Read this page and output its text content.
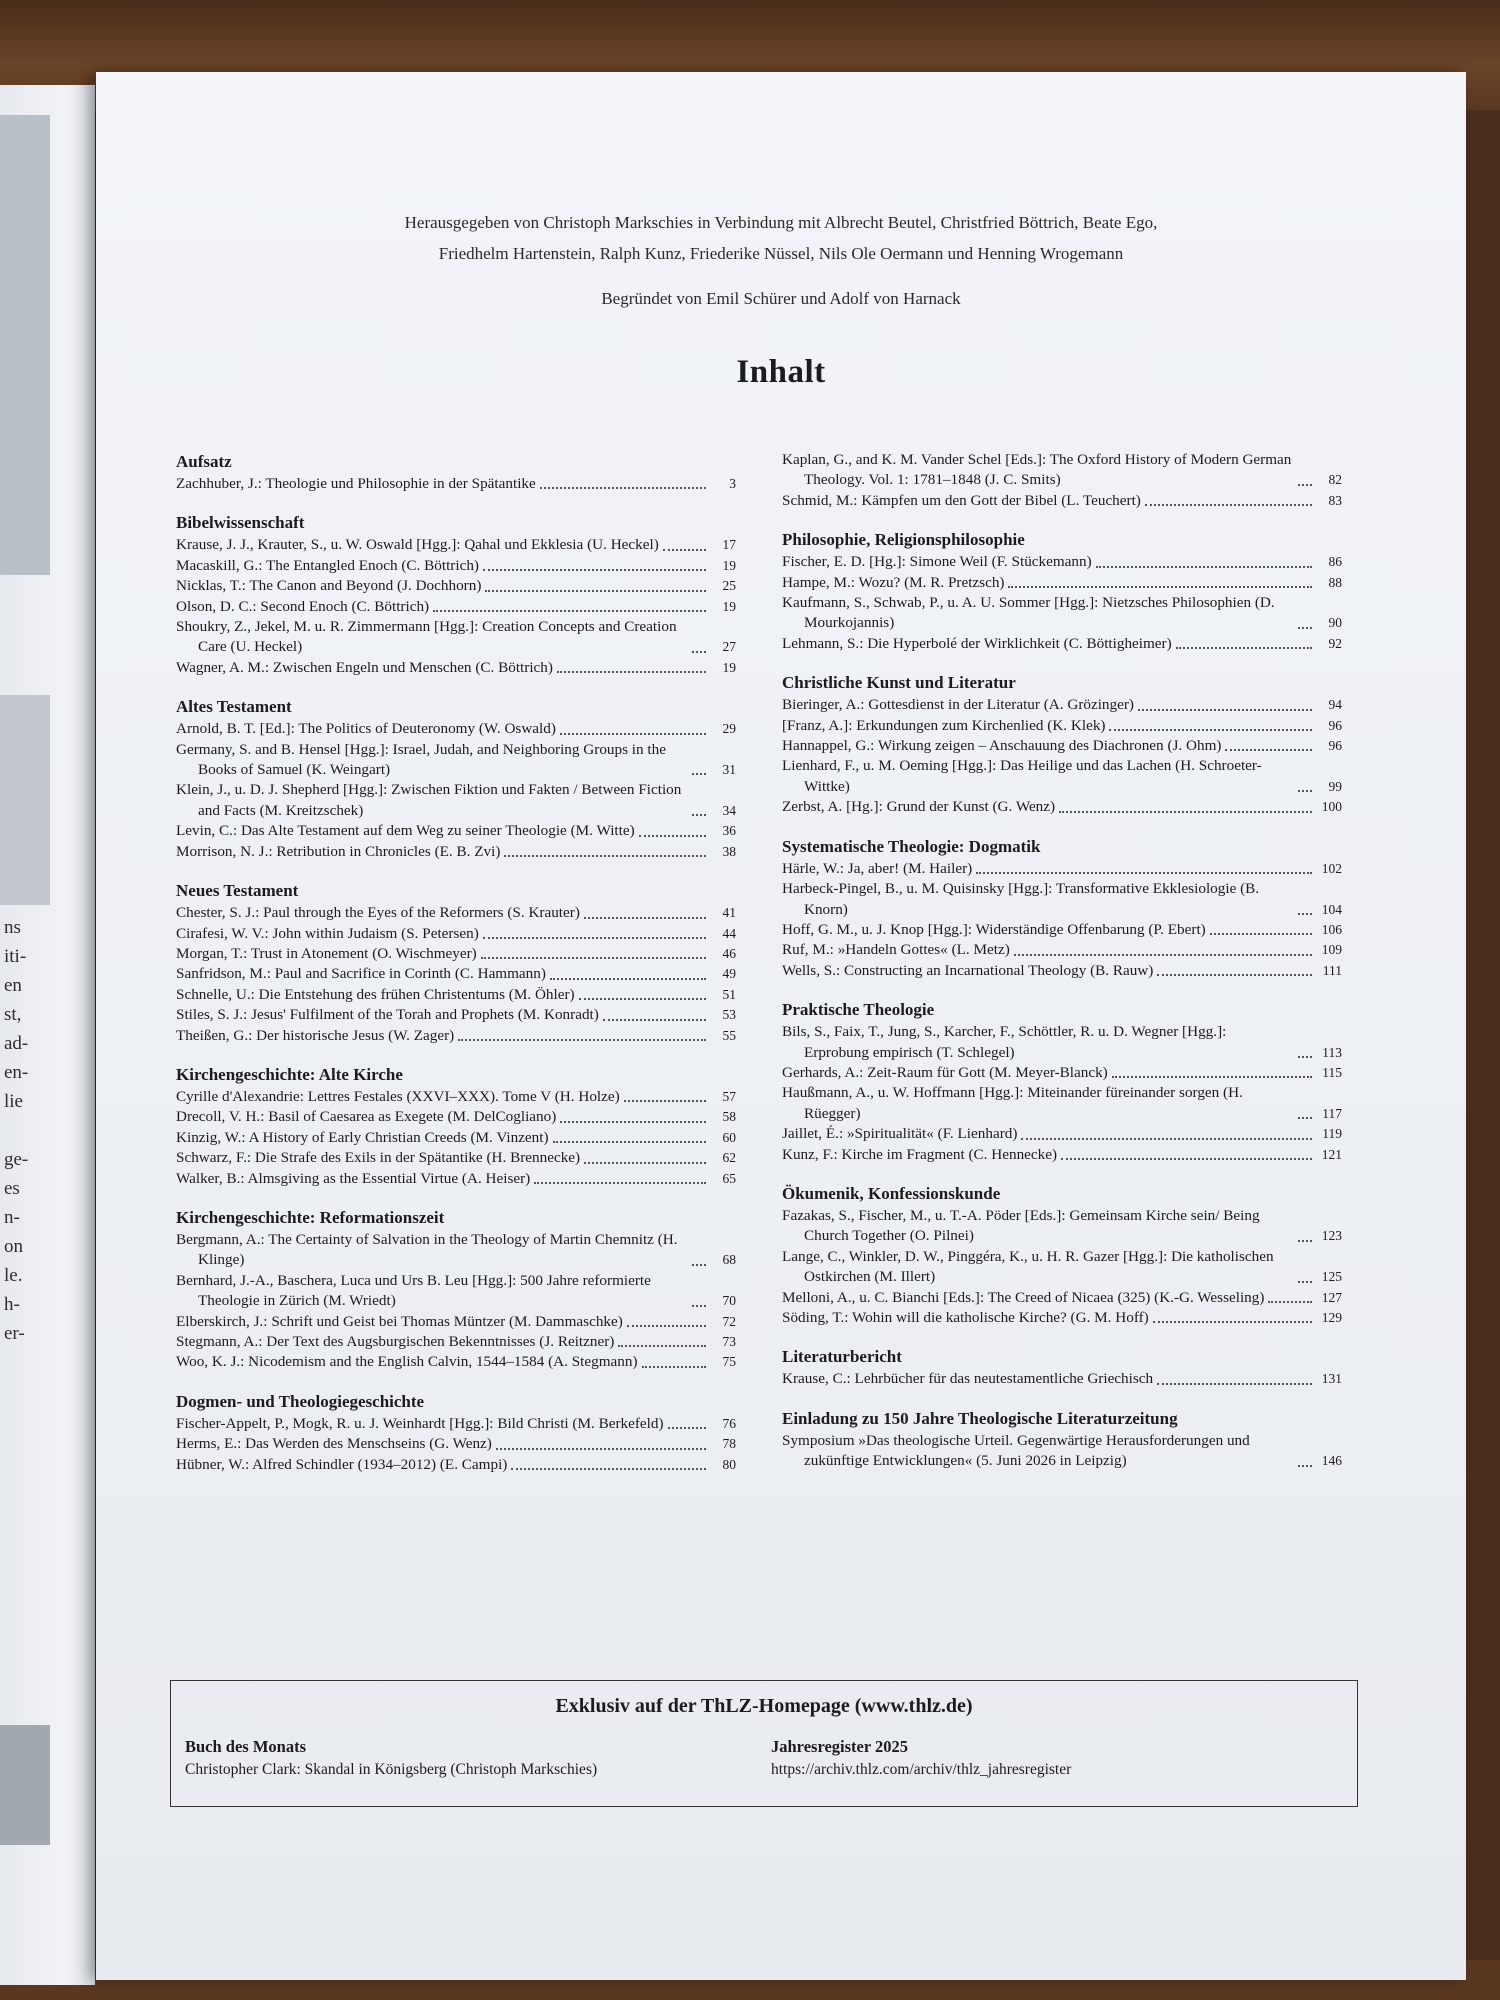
ns
iti-
en
st,
ad-
en-
lie

ge-
es
n-
on
le.
h-
er-
Herausgegeben von Christoph Markschies in Verbindung mit Albrecht Beutel, Christfried Böttrich, Beate Ego,
Friedhelm Hartenstein, Ralph Kunz, Friederike Nüssel, Nils Ole Oermann und Henning Wrogemann
Begründet von Emil Schürer und Adolf von Harnack
Inhalt
Aufsatz
Zachhuber, J.: Theologie und Philosophie in der Spätantike	3
Bibelwissenschaft
Krause, J. J., Krauter, S., u. W. Oswald [Hgg.]: Qahal und Ekklesia (U. Heckel)	17
Macaskill, G.: The Entangled Enoch (C. Böttrich)	19
Nicklas, T.: The Canon and Beyond (J. Dochhorn)	25
Olson, D. C.: Second Enoch (C. Böttrich)	19
Shoukry, Z., Jekel, M. u. R. Zimmermann [Hgg.]: Creation Concepts and Creation Care (U. Heckel)	27
Wagner, A. M.: Zwischen Engeln und Menschen (C. Böttrich)	19
Altes Testament
Arnold, B. T. [Ed.]: The Politics of Deuteronomy (W. Oswald)	29
Germany, S. and B. Hensel [Hgg.]: Israel, Judah, and Neighboring Groups in the Books of Samuel (K. Weingart)	31
Klein, J., u. D. J. Shepherd [Hgg.]: Zwischen Fiktion und Fakten / Between Fiction and Facts (M. Kreitzschek)	34
Levin, C.: Das Alte Testament auf dem Weg zu seiner Theologie (M. Witte)	36
Morrison, N. J.: Retribution in Chronicles (E. B. Zvi)	38
Neues Testament
Chester, S. J.: Paul through the Eyes of the Reformers (S. Krauter)	41
Cirafesi, W. V.: John within Judaism (S. Petersen)	44
Morgan, T.: Trust in Atonement (O. Wischmeyer)	46
Sanfridson, M.: Paul and Sacrifice in Corinth (C. Hammann)	49
Schnelle, U.: Die Entstehung des frühen Christentums (M. Öhler)	51
Stiles, S. J.: Jesus' Fulfilment of the Torah and Prophets (M. Konradt)	53
Theißen, G.: Der historische Jesus (W. Zager)	55
Kirchengeschichte: Alte Kirche
Cyrille d'Alexandrie: Lettres Festales (XXVI–XXX). Tome V (H. Holze)	57
Drecoll, V. H.: Basil of Caesarea as Exegete (M. DelCogliano)	58
Kinzig, W.: A History of Early Christian Creeds (M. Vinzent)	60
Schwarz, F.: Die Strafe des Exils in der Spätantike (H. Brennecke)	62
Walker, B.: Almsgiving as the Essential Virtue (A. Heiser)	65
Kirchengeschichte: Reformationszeit
Bergmann, A.: The Certainty of Salvation in the Theology of Martin Chemnitz (H. Klinge)	68
Bernhard, J.-A., Baschera, Luca und Urs B. Leu [Hgg.]: 500 Jahre reformierte Theologie in Zürich (M. Wriedt)	70
Elberskirch, J.: Schrift und Geist bei Thomas Müntzer (M. Dammaschke)	72
Stegmann, A.: Der Text des Augsburgischen Bekenntnisses (J. Reitzner)	73
Woo, K. J.: Nicodemism and the English Calvin, 1544–1584 (A. Stegmann)	75
Dogmen- und Theologiegeschichte
Fischer-Appelt, P., Mogk, R. u. J. Weinhardt [Hgg.]: Bild Christi (M. Berkefeld)	76
Herms, E.: Das Werden des Menschseins (G. Wenz)	78
Hübner, W.: Alfred Schindler (1934–2012) (E. Campi)	80
Kaplan, G., and K. M. Vander Schel [Eds.]: The Oxford History of Modern German Theology. Vol. 1: 1781–1848 (J. C. Smits)	82
Schmid, M.: Kämpfen um den Gott der Bibel (L. Teuchert)	83
Philosophie, Religionsphilosophie
Fischer, E. D. [Hg.]: Simone Weil (F. Stückemann)	86
Hampe, M.: Wozu? (M. R. Pretzsch)	88
Kaufmann, S., Schwab, P., u. A. U. Sommer [Hgg.]: Nietzsches Philosophien (D. Mourkojannis)	90
Lehmann, S.: Die Hyperbolé der Wirklichkeit (C. Böttigheimer)	92
Christliche Kunst und Literatur
Bieringer, A.: Gottesdienst in der Literatur (A. Grözinger)	94
[Franz, A.]: Erkundungen zum Kirchenlied (K. Klek)	96
Hannappel, G.: Wirkung zeigen – Anschauung des Diachronen (J. Ohm)	96
Lienhard, F., u. M. Oeming [Hgg.]: Das Heilige und das Lachen (H. Schroeter-Wittke)	99
Zerbst, A. [Hg.]: Grund der Kunst (G. Wenz)	100
Systematische Theologie: Dogmatik
Härle, W.: Ja, aber! (M. Hailer)	102
Harbeck-Pingel, B., u. M. Quisinsky [Hgg.]: Transformative Ekklesiologie (B. Knorn)	104
Hoff, G. M., u. J. Knop [Hgg.]: Widerständige Offenbarung (P. Ebert)	106
Ruf, M.: »Handeln Gottes« (L. Metz)	109
Wells, S.: Constructing an Incarnational Theology (B. Rauw)	111
Praktische Theologie
Bils, S., Faix, T., Jung, S., Karcher, F., Schöttler, R. u. D. Wegner [Hgg.]: Erprobung empirisch (T. Schlegel)	113
Gerhards, A.: Zeit-Raum für Gott (M. Meyer-Blanck)	115
Haußmann, A., u. W. Hoffmann [Hgg.]: Miteinander füreinander sorgen (H. Rüegger)	117
Jaillet, É.: »Spiritualität« (F. Lienhard)	119
Kunz, F.: Kirche im Fragment (C. Hennecke)	121
Ökumenik, Konfessionskunde
Fazakas, S., Fischer, M., u. T.-A. Pöder [Eds.]: Gemeinsam Kirche sein/ Being Church Together (O. Pilnei)	123
Lange, C., Winkler, D. W., Pinggéra, K., u. H. R. Gazer [Hgg.]: Die katholischen Ostkirchen (M. Illert)	125
Melloni, A., u. C. Bianchi [Eds.]: The Creed of Nicaea (325) (K.-G. Wesseling)	127
Söding, T.: Wohin will die katholische Kirche? (G. M. Hoff)	129
Literaturbericht
Krause, C.: Lehrbücher für das neutestamentliche Griechisch	131
Einladung zu 150 Jahre Theologische Literaturzeitung
Symposium »Das theologische Urteil. Gegenwärtige Herausforderungen und zukünftige Entwicklungen« (5. Juni 2026 in Leipzig)	146
Exklusiv auf der ThLZ-Homepage (www.thlz.de)
Buch des Monats
Christopher Clark: Skandal in Königsberg (Christoph Markschies)
Jahresregister 2025
https://archiv.thlz.com/archiv/thlz_jahresregister
